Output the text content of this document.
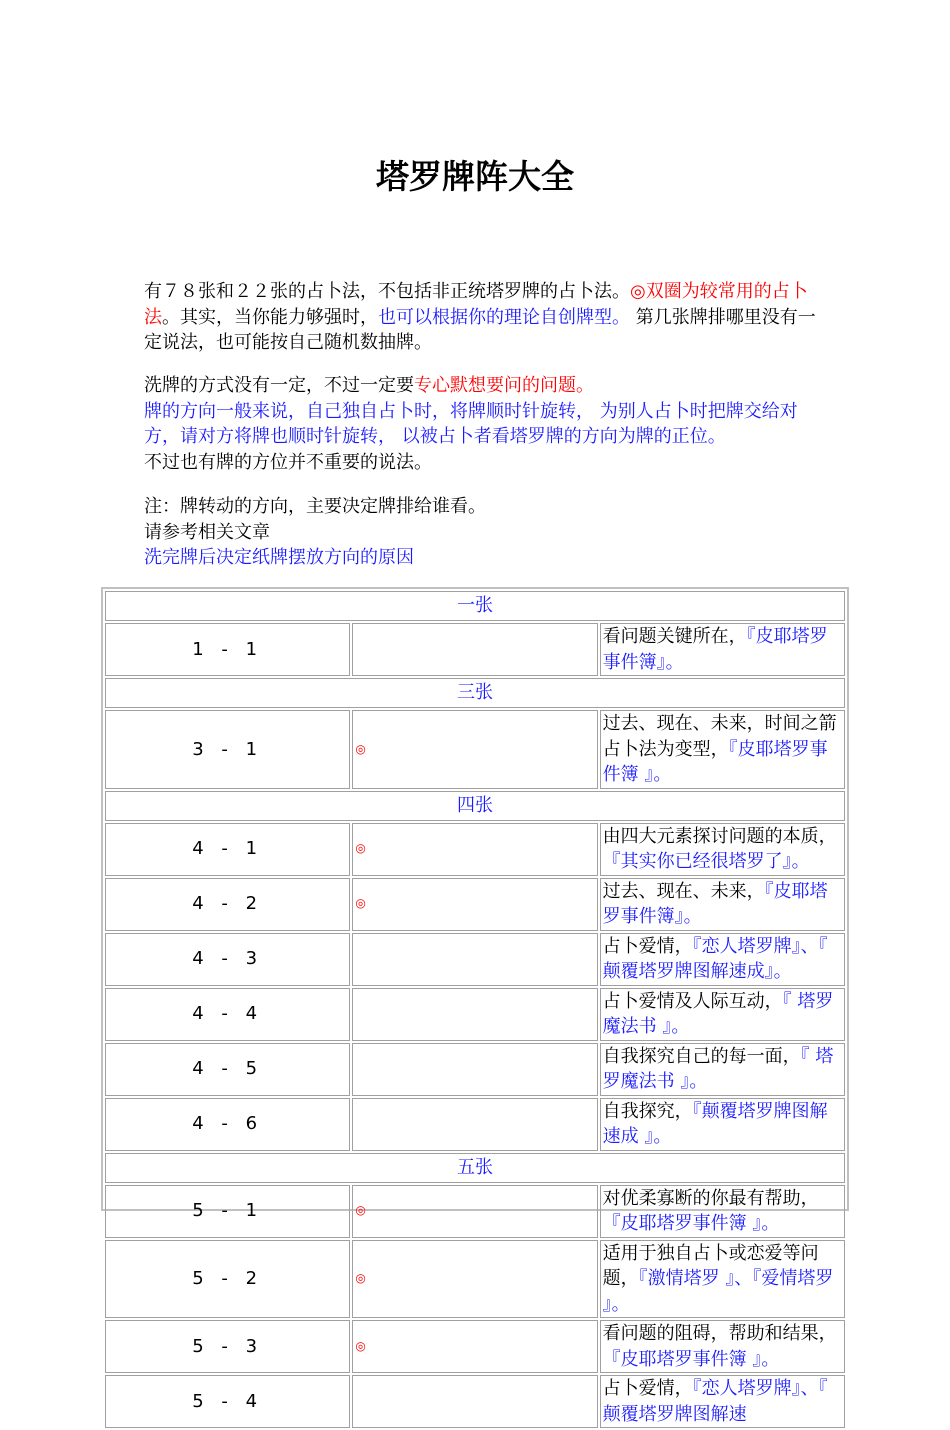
塔罗牌阵大全
有７８张和２２张的占卜法，不包括非正统塔罗牌的占卜法。◎双圈为较常用的占卜法。其实，当你能力够强时，也可以根据你的理论自创牌型。 第几张牌排哪里没有一定说法，也可能按自己随机数抽牌。
洗牌的方式没有一定，不过一定要专心默想要问的问题。
牌的方向一般来说，自己独自占卜时，将牌顺时针旋转， 为别人占卜时把牌交给对方，请对方将牌也顺时针旋转， 以被占卜者看塔罗牌的方向为牌的正位。
不过也有牌的方位并不重要的说法。
注：牌转动的方向，主要决定牌排给谁看。
请参考相关文章
洗完牌后决定纸牌摆放方向的原因
一张		
1 - 1		看问题关键所在，『皮耶塔罗事件簿』。
三张		
3 - 1	◎	过去、现在、未来，时间之箭占卜法为变型，『皮耶塔罗事件簿 』。
四张		
4 - 1	◎	由四大元素探讨问题的本质，『其实你已经很塔罗了』。
4 - 2	◎	过去、现在、未来，『皮耶塔罗事件簿』。
4 - 3		占卜爱情，『恋人塔罗牌』、『 颠覆塔罗牌图解速成』。
4 - 4		占卜爱情及人际互动，『 塔罗魔法书 』。
4 - 5		自我探究自己的每一面，『 塔罗魔法书 』。
4 - 6		自我探究，『颠覆塔罗牌图解速成 』。
五张		
5 - 1	◎	对优柔寡断的你最有帮助，『皮耶塔罗事件簿 』。
5 - 2	◎	适用于独自占卜或恋爱等问题，『激情塔罗 』、『爱情塔罗 』。
5 - 3	◎	看问题的阻碍，帮助和结果，『皮耶塔罗事件簿 』。
5 - 4		占卜爱情，『恋人塔罗牌』、『 颠覆塔罗牌图解速
